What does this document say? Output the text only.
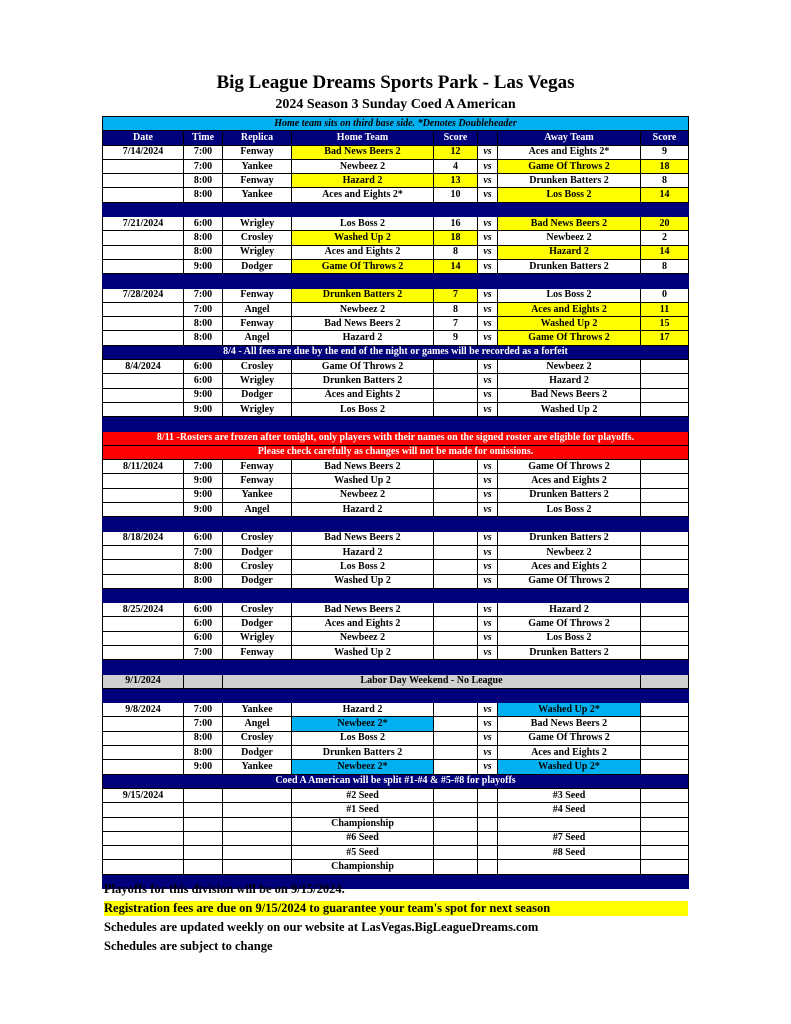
Big League Dreams Sports Park - Las Vegas
2024 Season 3 Sunday Coed A American
Home team sits on third base side. *Denotes Doubleheader							
Date	Time	Replica	Home Team	Score		Away Team	Score
7/14/2024	7:00	Fenway	Bad News Beers 2	12	vs	Aces and Eights 2*	9
	7:00	Yankee	Newbeez 2	4	vs	Game Of Throws 2	18
	8:00	Fenway	Hazard 2	13	vs	Drunken Batters 2	8
	8:00	Yankee	Aces and Eights 2*	10	vs	Los Boss 2	14

7/21/2024	6:00	Wrigley	Los Boss 2	16	vs	Bad News Beers 2	20
	8:00	Crosley	Washed Up 2	18	vs	Newbeez 2	2
	8:00	Wrigley	Aces and Eights 2	8	vs	Hazard 2	14
	9:00	Dodger	Game Of Throws 2	14	vs	Drunken Batters 2	8

7/28/2024	7:00	Fenway	Drunken Batters 2	7	vs	Los Boss 2	0
	7:00	Angel	Newbeez 2	8	vs	Aces and Eights 2	11
	8:00	Fenway	Bad News Beers 2	7	vs	Washed Up 2	15
	8:00	Angel	Hazard 2	9	vs	Game Of Throws 2	17
8/4 - All fees are due by the end of the night or games will be recorded as a forfeit							
8/4/2024	6:00	Crosley	Game Of Throws 2		vs	Newbeez 2	
	6:00	Wrigley	Drunken Batters 2		vs	Hazard 2	
	9:00	Dodger	Aces and Eights 2		vs	Bad News Beers 2	
	9:00	Wrigley	Los Boss 2		vs	Washed Up 2	

8/11 -Rosters are frozen after tonight, only players with their names on the signed roster are eligible for playoffs.							
Please check carefully as changes will not be made for omissions.							
8/11/2024	7:00	Fenway	Bad News Beers 2		vs	Game Of Throws 2	
	9:00	Fenway	Washed Up 2		vs	Aces and Eights 2	
	9:00	Yankee	Newbeez 2		vs	Drunken Batters 2	
	9:00	Angel	Hazard 2		vs	Los Boss 2	

8/18/2024	6:00	Crosley	Bad News Beers 2		vs	Drunken Batters 2	
	7:00	Dodger	Hazard 2		vs	Newbeez 2	
	8:00	Crosley	Los Boss 2		vs	Aces and Eights 2	
	8:00	Dodger	Washed Up 2		vs	Game Of Throws 2	

8/25/2024	6:00	Crosley	Bad News Beers 2		vs	Hazard 2	
	6:00	Dodger	Aces and Eights 2		vs	Game Of Throws 2	
	6:00	Wrigley	Newbeez 2		vs	Los Boss 2	
	7:00	Fenway	Washed Up 2		vs	Drunken Batters 2	

9/1/2024		Labor Day Weekend - No League					

9/8/2024	7:00	Yankee	Hazard 2		vs	Washed Up 2*	
	7:00	Angel	Newbeez 2*		vs	Bad News Beers 2	
	8:00	Crosley	Los Boss 2		vs	Game Of Throws 2	
	8:00	Dodger	Drunken Batters 2		vs	Aces and Eights 2	
	9:00	Yankee	Newbeez 2*		vs	Washed Up 2*	
Coed A American will be split #1-#4 & #5-#8 for playoffs							
9/15/2024			#2 Seed			#3 Seed	
			#1 Seed			#4 Seed	
			Championship				
			#6 Seed			#7 Seed	
			#5 Seed			#8 Seed	
			Championship				

Playoffs for this division will be on 9/15/2024.
Registration fees are due on 9/15/2024 to guarantee your team's spot for next season
Schedules are updated weekly on our website at LasVegas.BigLeagueDreams.com
Schedules are subject to change
